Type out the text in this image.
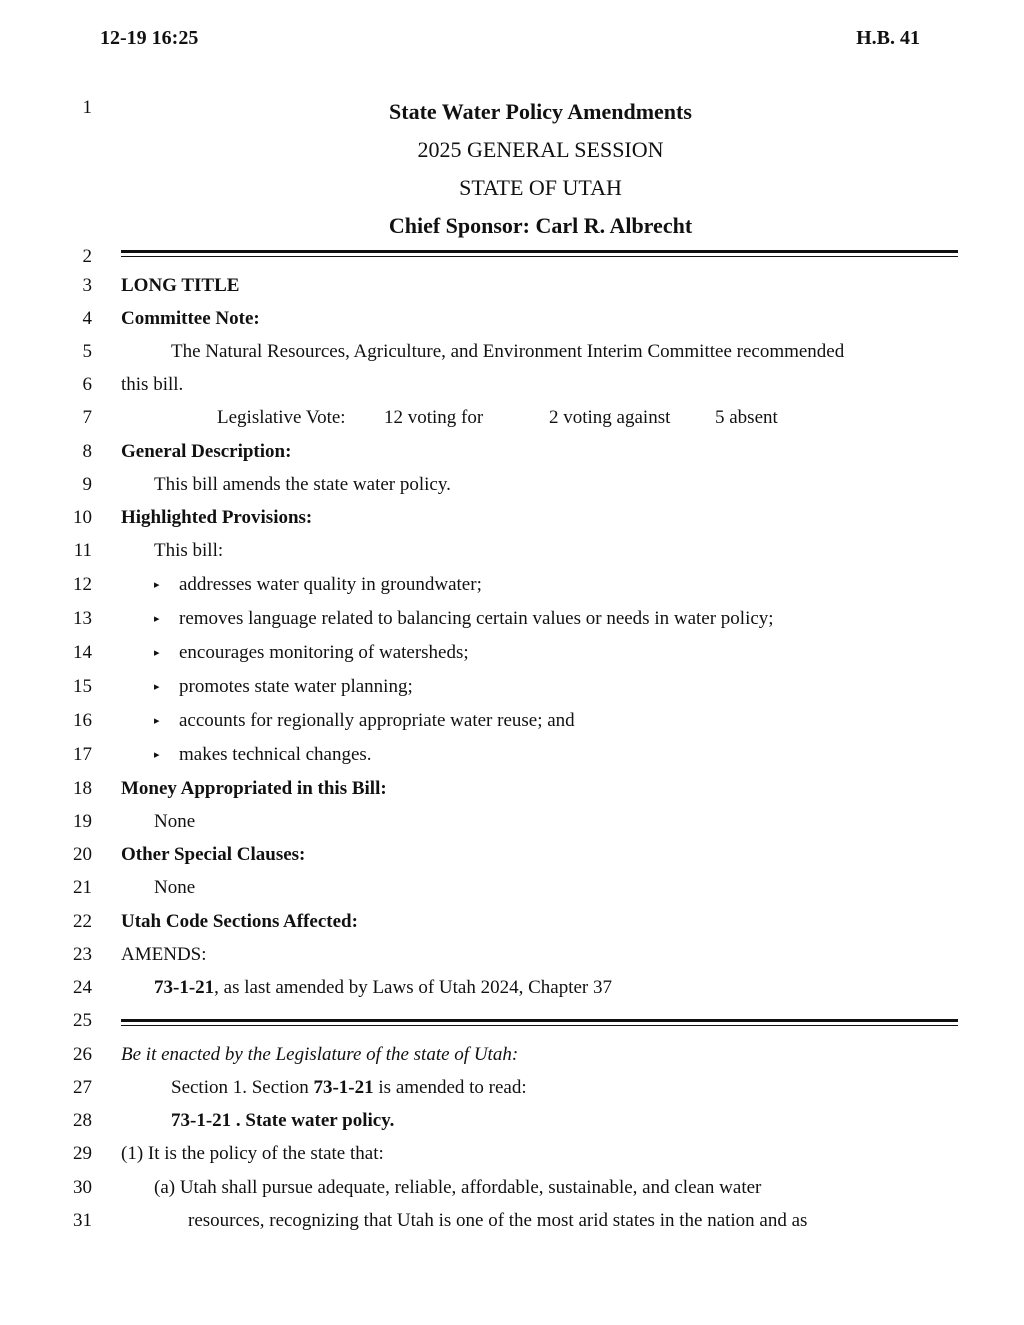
12-19 16:25	H.B. 41
1
2
3
4
5
6
7
8
9
10
11
12
13
14
15
16
17
18
19
20
21
22
23
24
25
26
27
28
29
30
31
State Water Policy Amendments
2025 GENERAL SESSION
STATE OF UTAH
Chief Sponsor: Carl R. Albrecht
LONG TITLE
Committee Note:
The Natural Resources, Agriculture, and Environment Interim Committee recommended
this bill.
Legislative Vote: 12 voting for	2 voting against 5 absent
General Description:
This bill amends the state water policy.
Highlighted Provisions:
This bill:
▸ addresses water quality in groundwater;
▸ removes language related to balancing certain values or needs in water policy;
▸ encourages monitoring of watersheds;
▸ promotes state water planning;
▸ accounts for regionally appropriate water reuse; and
▸ makes technical changes.
Money Appropriated in this Bill:
None
Other Special Clauses:
None
Utah Code Sections Affected:
AMENDS:
73-1-21, as last amended by Laws of Utah 2024, Chapter 37
Be it enacted by the Legislature of the state of Utah:
Section 1. Section 73-1-21 is amended to read:
73-1-21 . State water policy.
(1) It is the policy of the state that:
(a) Utah shall pursue adequate, reliable, affordable, sustainable, and clean water
resources, recognizing that Utah is one of the most arid states in the nation and as
